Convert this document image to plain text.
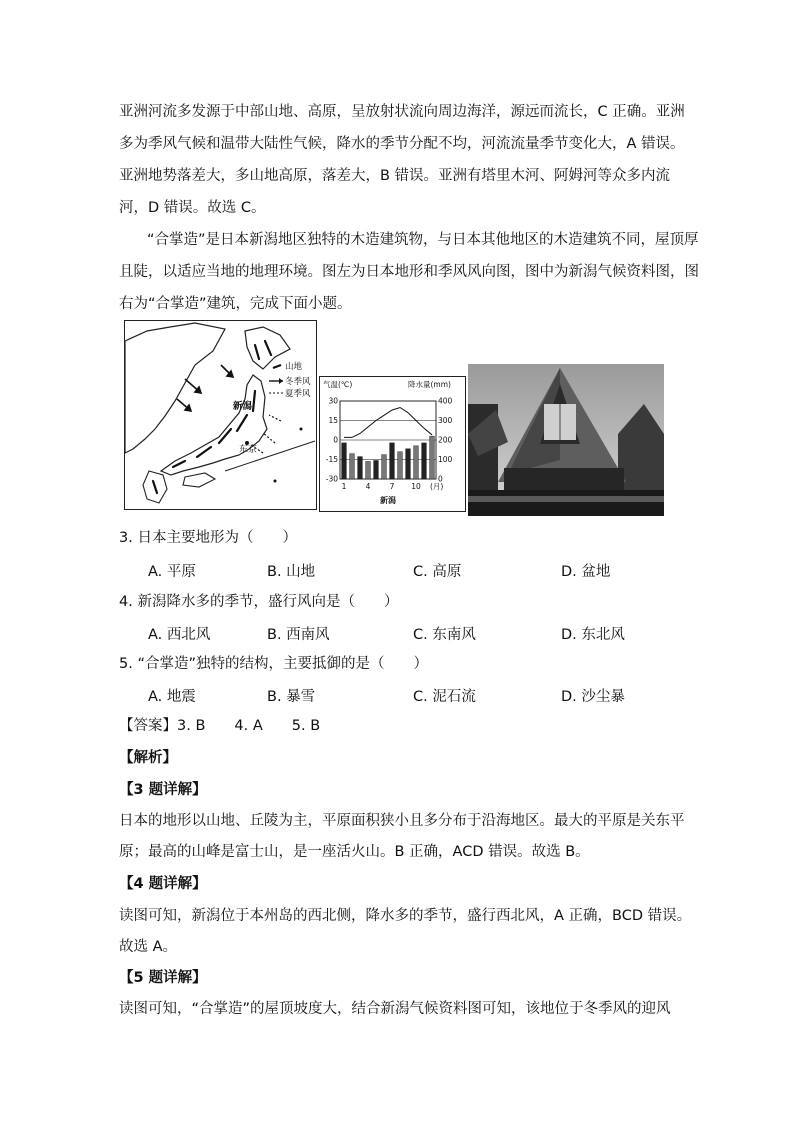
亚洲河流多发源于中部山地、高原，呈放射状流向周边海洋，源远而流长，C 正确。亚洲
多为季风气候和温带大陆性气候，降水的季节分配不均，河流流量季节变化大，A 错误。
亚洲地势落差大，多山地高原，落差大，B 错误。亚洲有塔里木河、阿姆河等众多内流
河，D 错误。故选 C。
“合掌造”是日本新潟地区独特的木造建筑物，与日本其他地区的木造建筑不同，屋顶厚
且陡，以适应当地的地理环境。图左为日本地形和季风风向图，图中为新潟气候资料图，图
右为“合掌造”建筑，完成下面小题。
山地
冬季风
夏季风
新潟
东京
气温(℃)	降水量(mm)
30
15
0
-15
-30
400
300
200
100
0
1	4	7 10 (月)
新潟
3. 日本主要地形为（　　）
A. 平原	B. 山地	C. 高原	D. 盆地
4. 新潟降水多的季节，盛行风向是（　　）
A. 西北风	B. 西南风	C. 东南风	D. 东北风
5. “合掌造”独特的结构，主要抵御的是（　　）
A. 地震	B. 暴雪	C. 泥石流	D. 沙尘暴
【答案】3. B　　4. A　　5. B
【解析】
【3 题详解】
日本的地形以山地、丘陵为主，平原面积狭小且多分布于沿海地区。最大的平原是关东平
原；最高的山峰是富士山，是一座活火山。B 正确，ACD 错误。故选 B。
【4 题详解】
读图可知，新潟位于本州岛的西北侧，降水多的季节，盛行西北风，A 正确，BCD 错误。
故选 A。
【5 题详解】
读图可知，“合掌造”的屋顶坡度大，结合新潟气候资料图可知，该地位于冬季风的迎风
